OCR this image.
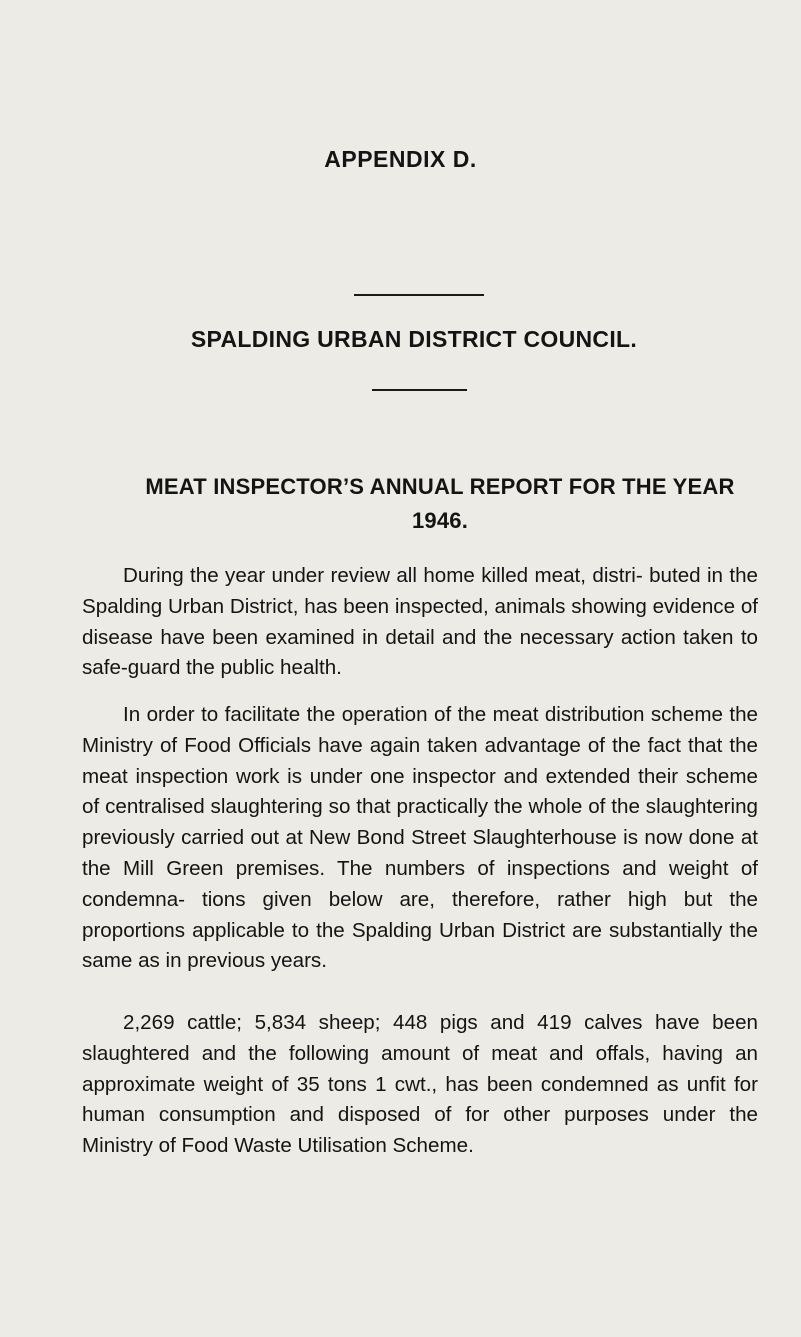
APPENDIX D.
SPALDING URBAN DISTRICT COUNCIL.
MEAT INSPECTOR’S ANNUAL REPORT FOR THE YEAR 1946.

During the year under review all home killed meat, distri- buted in the Spalding Urban District, has been inspected, animals showing evidence of disease have been examined in detail and the necessary action taken to safe-guard the public health.

In order to facilitate the operation of the meat distribution scheme the Ministry of Food Officials have again taken advantage of the fact that the meat inspection work is under one inspector and extended their scheme of centralised slaughtering so that practically the whole of the slaughtering previously carried out at New Bond Street Slaughterhouse is now done at the Mill Green premises. The numbers of inspections and weight of condemna- tions given below are, therefore, rather high but the proportions applicable to the Spalding Urban District are substantially the same as in previous years.

2,269 cattle; 5,834 sheep; 448 pigs and 419 calves have been slaughtered and the following amount of meat and offals, having an approximate weight of 35 tons 1 cwt., has been condemned as unfit for human consumption and disposed of for other purposes under the Ministry of Food Waste Utilisation Scheme.
